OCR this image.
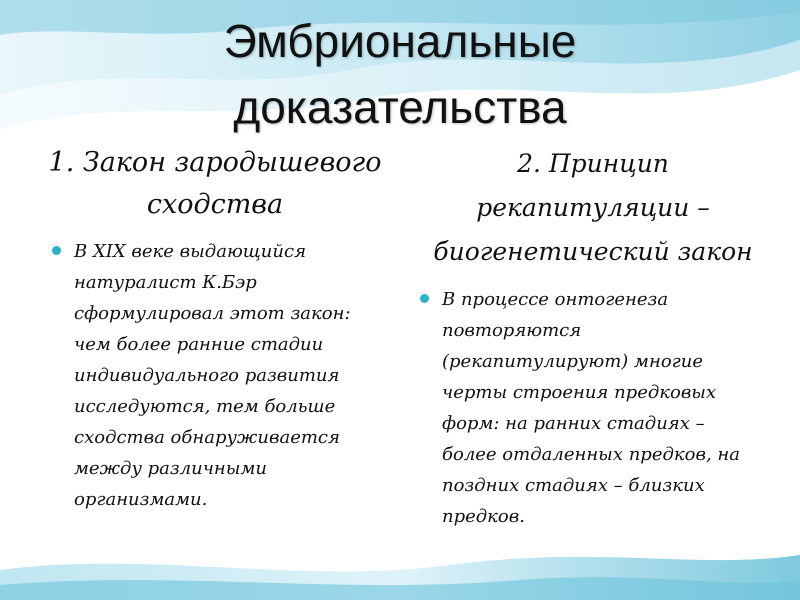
Эмбриональные
доказательства
1. Закон зародышевого
сходства
В XIX веке выдающийся
натуралист К.Бэр
сформулировал этот закон:
чем более ранние стадии
индивидуального развития
исследуются, тем больше
сходства обнаруживается
между различными
организмами.
2. Принцип
рекапитуляции –
биогенетический закон
В процессе онтогенеза
повторяются
(рекапитулируют) многие
черты строения предковых
форм: на ранних стадиях –
более отдаленных предков, на
поздних стадиях – близких
предков.
